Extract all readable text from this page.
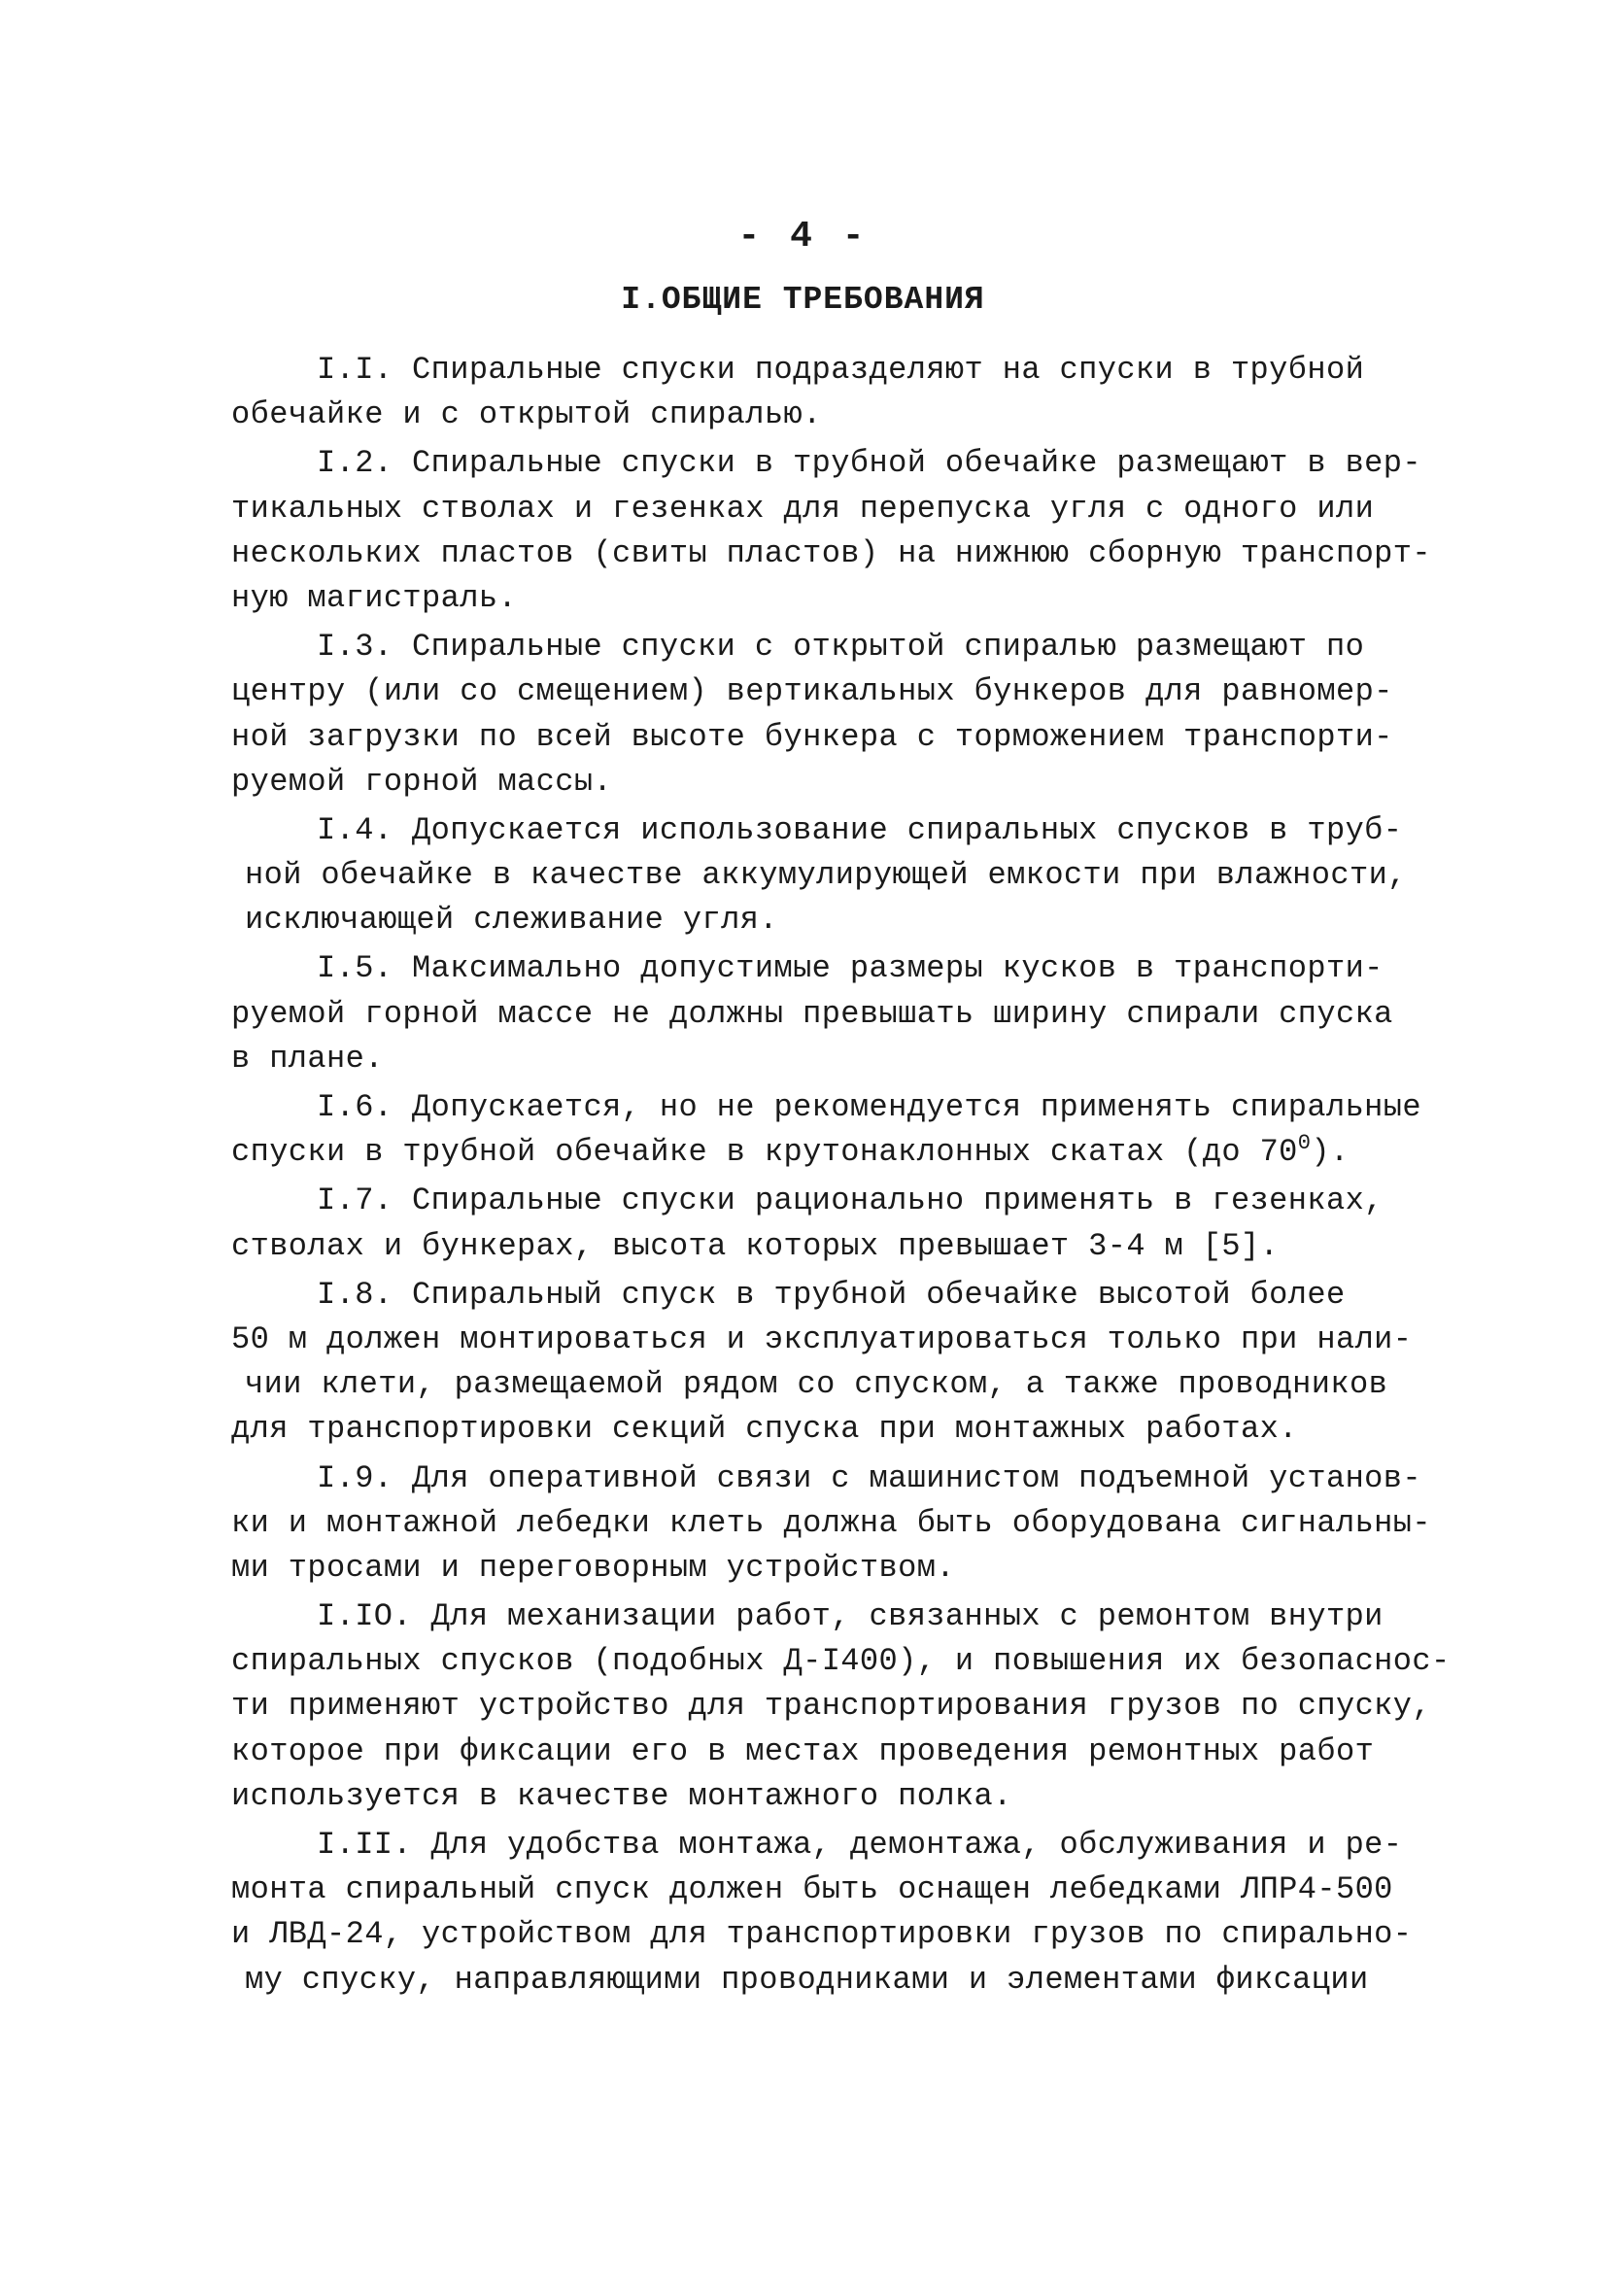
- 4 -
I.ОБЩИЕ ТРЕБОВАНИЯ
I.I. Спиральные спуски подразделяют на спуски в трубной
обечайке и с открытой спиралью.
I.2. Спиральные спуски в трубной обечайке размещают в вер-
тикальных стволах и гезенках для перепуска угля с одного или
нескольких пластов (свиты пластов) на нижнюю сборную транспорт-
ную магистраль.
I.3. Спиральные спуски с открытой спиралью размещают по
центру (или со смещением) вертикальных бункеров для равномер-
ной загрузки по всей высоте бункера с торможением транспорти-
руемой горной массы.
I.4. Допускается использование спиральных спусков в труб-
ной обечайке в качестве аккумулирующей емкости при влажности,
исключающей слеживание угля.
I.5. Максимально допустимые размеры кусков в транспорти-
руемой горной массе не должны превышать ширину спирали спуска
в плане.
I.6. Допускается, но не рекомендуется применять спиральные
спуски в трубной обечайке в крутонаклонных скатах (до $70^0$).
I.7. Спиральные спуски рационально применять в гезенках,
стволах и бункерах, высота которых превышает 3-4 м [5].
I.8. Спиральный спуск в трубной обечайке высотой более
50 м должен монтироваться и эксплуатироваться только при нали-
чии клети, размещаемой рядом со спуском, а также проводников
для транспортировки секций спуска при монтажных работах.
I.9. Для оперативной связи с машинистом подъемной установ-
ки и монтажной лебедки клеть должна быть оборудована сигнальны-
ми тросами и переговорным устройством.
I.IO. Для механизации работ, связанных с ремонтом внутри
спиральных спусков (подобных Д-I400), и повышения их безопаснос-
ти применяют устройство для транспортирования грузов по спуску,
которое при фиксации его в местах проведения ремонтных работ
используется в качестве монтажного полка.
I.II. Для удобства монтажа, демонтажа, обслуживания и ре-
монта спиральный спуск должен быть оснащен лебедками ЛПР4-500
и ЛВД-24, устройством для транспортировки грузов по спирально-
му спуску, направляющими проводниками и элементами фиксации
